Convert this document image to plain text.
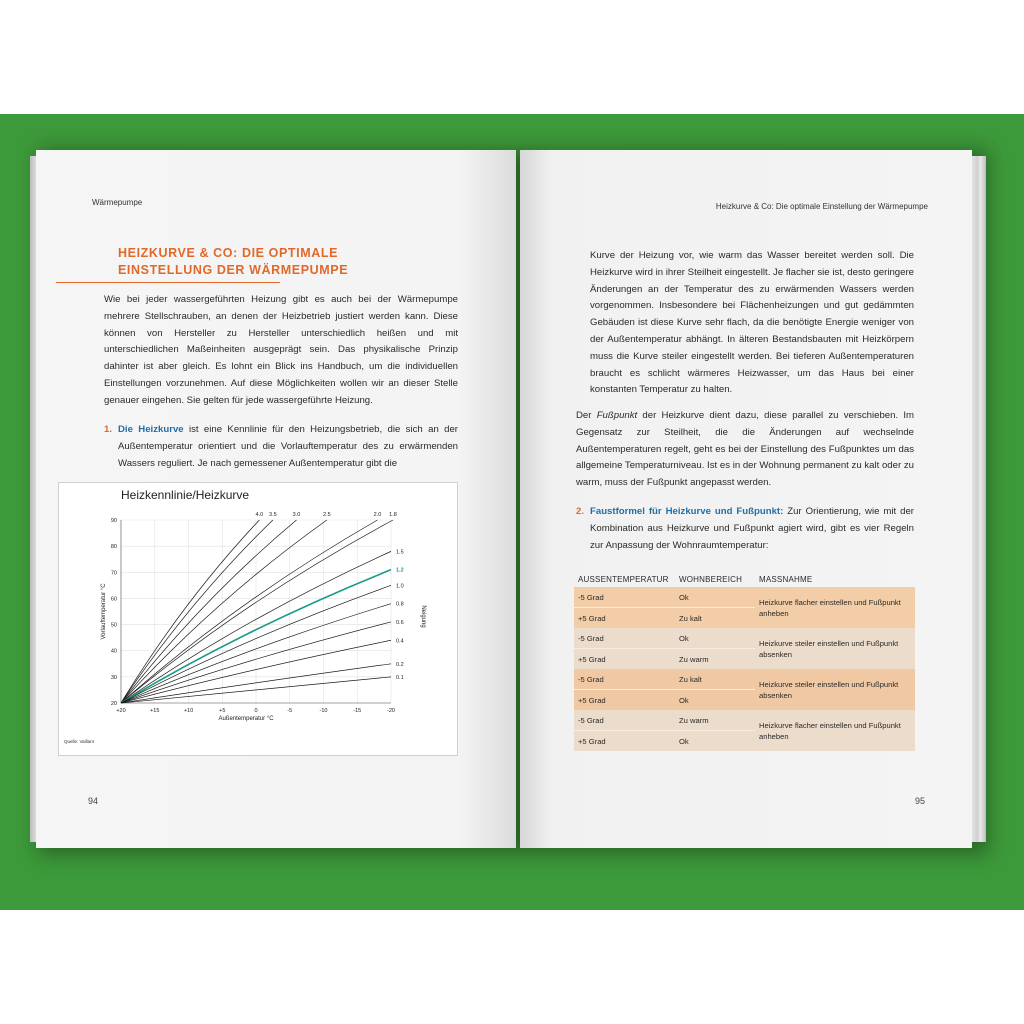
Wärmepumpe
HEIZKURVE & CO: DIE OPTIMALE
EINSTELLUNG DER WÄRMEPUMPE
Wie bei jeder wassergeführten Heizung gibt es auch bei der Wärmepumpe mehrere Stellschrauben, an denen der Heizbetrieb justiert werden kann. Diese können von Hersteller zu Hersteller unterschiedlich heißen und mit unterschiedlichen Maßeinheiten ausgeprägt sein. Das physikalische Prinzip dahinter ist aber gleich. Es lohnt ein Blick ins Handbuch, um die individuellen Einstellungen vorzunehmen. Auf diese Möglichkeiten wollen wir an dieser Stelle genauer eingehen. Sie gelten für jede wassergeführte Heizung.
1. Die Heizkurve ist eine Kennlinie für den Heizungsbetrieb, die sich an der Außentemperatur orientiert und die Vorlauftemperatur des zu erwärmenden Wassers reguliert. Je nach gemessener Außentemperatur gibt die
Heizkennlinie/Heizkurve
20
30
40
50
60
70
80
90
+20	+15	+10	+5	0	-5	-10	-15	-20
4.0 3.5	3.0	2.5	2.0 1.8
1.5
1.2
1.0
0.8
0.6
0.4
0.2
0.1
Außentemperatur °C
Vorlauftemperatur °C	Neigung
Quelle: Vaillant
94
Heizkurve & Co: Die optimale Einstellung der Wärmepumpe
Kurve der Heizung vor, wie warm das Wasser bereitet werden soll. Die Heizkurve wird in ihrer Steilheit eingestellt. Je flacher sie ist, desto geringere Änderungen an der Temperatur des zu erwärmenden Wassers werden vorgenommen. Insbesondere bei Flächenheizungen und gut gedämmten Gebäuden ist diese Kurve sehr flach, da die benötigte Energie weniger von der Außentemperatur abhängt. In älteren Bestandsbauten mit Heizkörpern muss die Kurve steiler eingestellt werden. Bei tieferen Außentemperaturen braucht es schlicht wärmeres Heizwasser, um das Haus bei einer konstanten Temperatur zu halten.
Der Fußpunkt der Heizkurve dient dazu, diese parallel zu verschieben. Im Gegensatz zur Steilheit, die die Änderungen auf wechselnde Außentemperaturen regelt, geht es bei der Einstellung des Fußpunktes um das allgemeine Temperaturniveau. Ist es in der Wohnung permanent zu kalt oder zu warm, muss der Fußpunkt angepasst werden.
2. Faustformel für Heizkurve und Fußpunkt: Zur Orientierung, wie mit der Kombination aus Heizkurve und Fußpunkt agiert wird, gibt es vier Regeln zur Anpassung der Wohnraumtemperatur:
AUSSENTEMPERATUR	WOHNBEREICH	MASSNAHME
-5 Grad	Ok	Heizkurve flacher einstellen und Fußpunkt anheben
+5 Grad	Zu kalt	
-5 Grad	Ok	Heizkurve steiler einstellen und Fußpunkt absenken
+5 Grad	Zu warm	
-5 Grad	Zu kalt	Heizkurve steiler einstellen und Fußpunkt absenken
+5 Grad	Ok	
-5 Grad	Zu warm	Heizkurve flacher einstellen und Fußpunkt anheben
+5 Grad	Ok	
95
